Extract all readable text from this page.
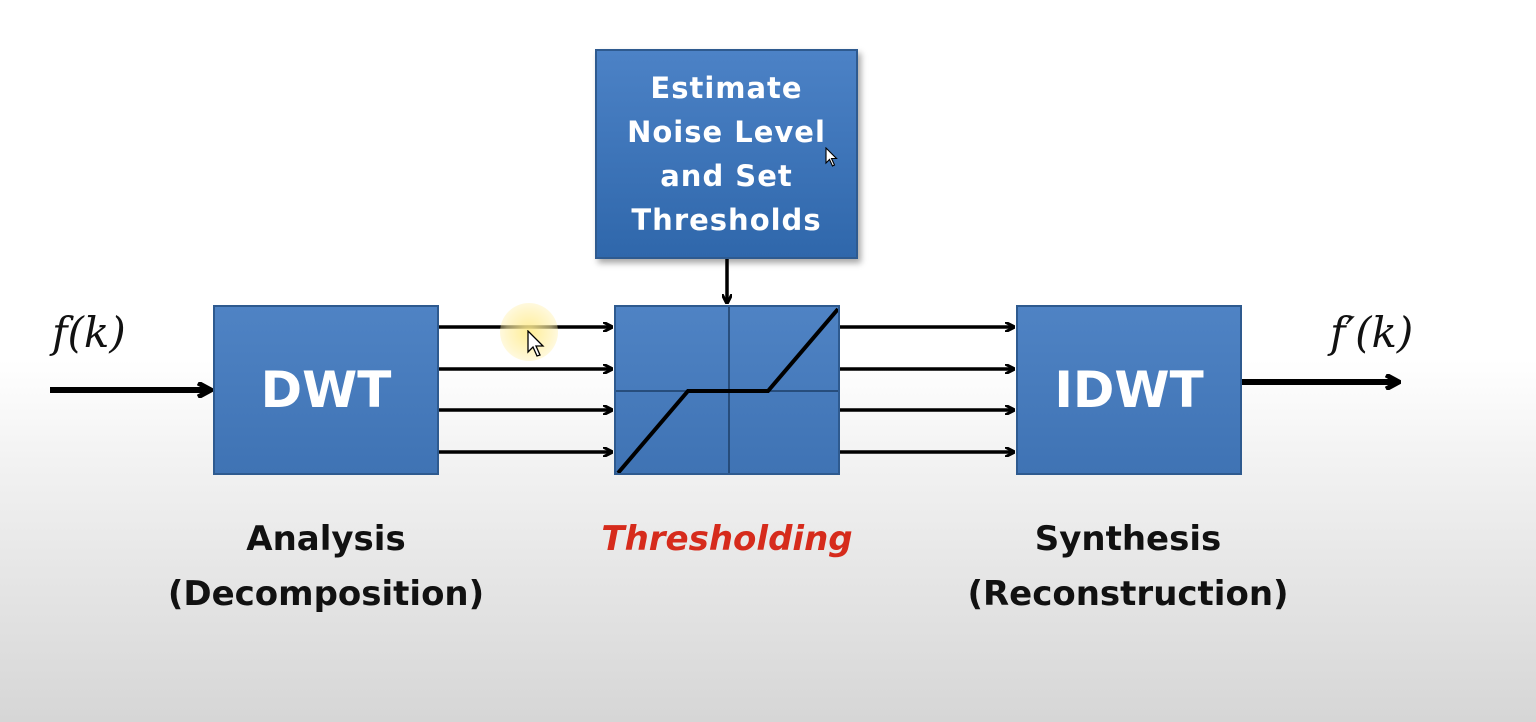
Estimate
Noise Level
and Set
Thresholds
DWT	IDWT
f(k)	f′(k)
Analysis
(Decomposition)
Thresholding	Synthesis
(Reconstruction)
